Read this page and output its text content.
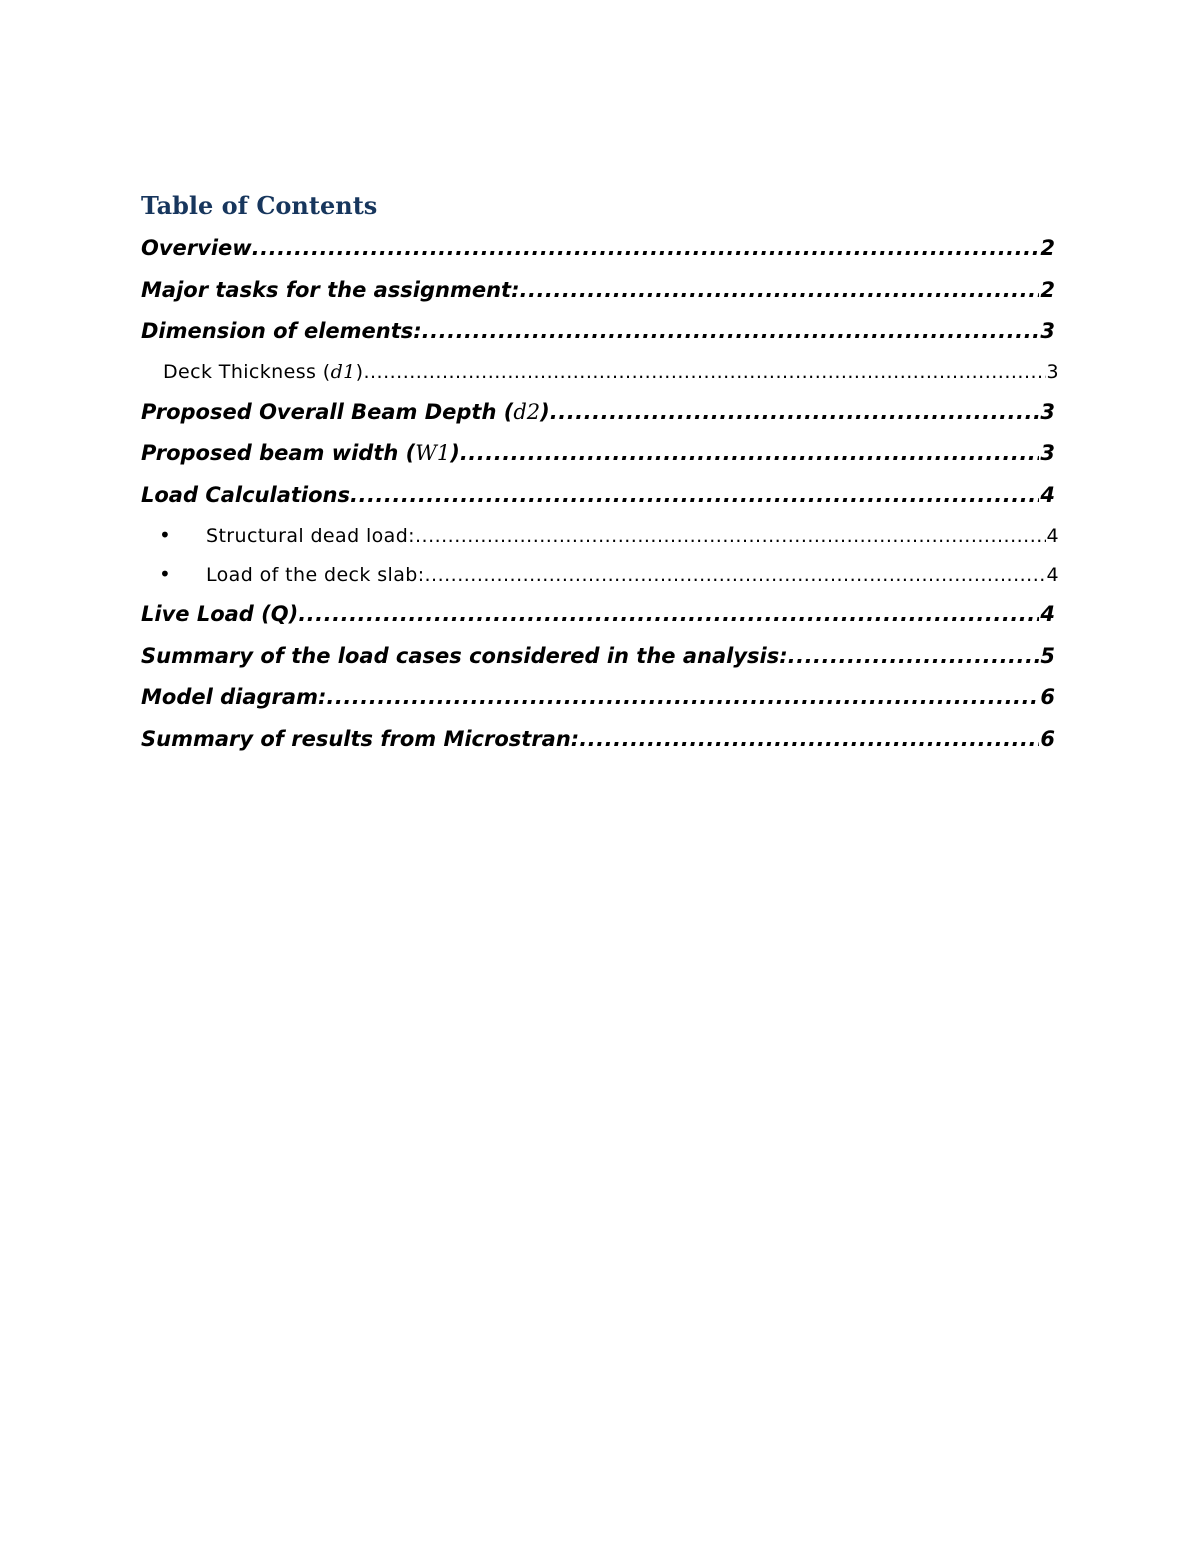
Table of Contents
Overview .....	2
Major tasks for the assignment: .....	2
Dimension of elements: .....	3
Deck Thickness (d1) .....	3
Proposed Overall Beam Depth (d2) .....	3
Proposed beam width (W1) .....	3
Load Calculations .....	4
•	Structural dead load: .....	4
•	Load of the deck slab: .....	4
Live Load (Q) .....	4
Summary of the load cases considered in the analysis: .....	5
Model diagram: .....	6
Summary of results from Microstran: .....	6
